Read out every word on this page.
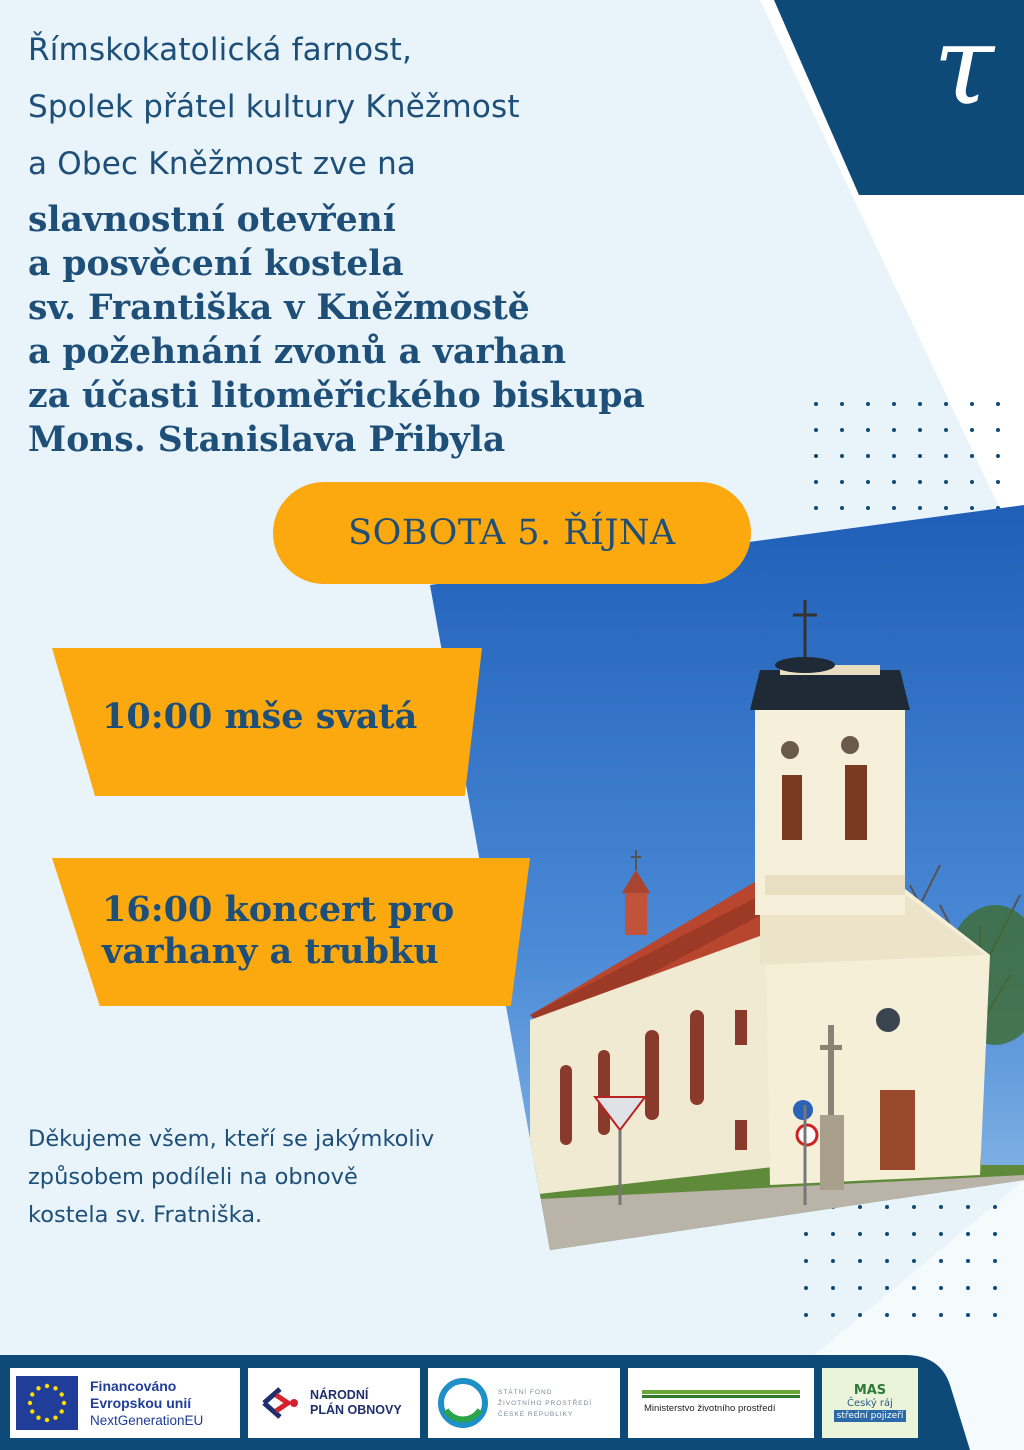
τ
Římskokatolická farnost,
Spolek přátel kultury Kněžmost
a Obec Kněžmost zve na
slavnostní otevření
a posvěcení kostela
sv. Františka v Kněžmostě
a požehnání zvonů a varhan
za účasti litoměřického biskupa
Mons. Stanislava Přibyla
SOBOTA 5. ŘÍJNA
10:00 mše svatá
16:00 koncert pro
varhany a trubku
Děkujeme všem, kteří se jakýmkoliv
způsobem podíleli na obnově
kostela sv. Fratniška.
Financováno
Evropskou unií
NextGenerationEU
NÁRODNÍ
PLÁN OBNOVY
STÁTNÍ FOND
ŽIVOTNÍHO PROSTŘEDÍ
ČESKÉ REPUBLIKY
Ministerstvo životního prostředí
MAS
Český ráj
střední pojizeří
